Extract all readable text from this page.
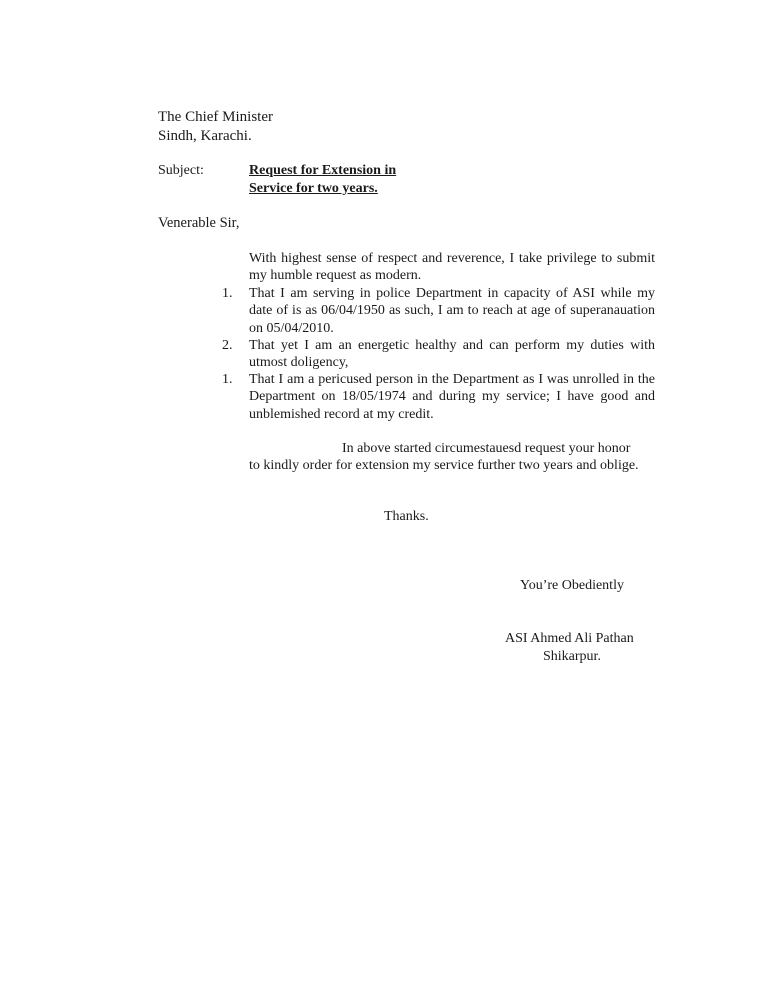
The Chief Minister
Sindh, Karachi.
Subject:	Request for Extension in
Service for two years.
Venerable Sir,
With highest sense of respect and reverence, I take privilege to submit my humble request as modern.
1. That I am serving in police Department in capacity of ASI while my date of is as 06/04/1950 as such, I am to reach at age of superanauation on 05/04/2010.
2. That yet I am an energetic healthy and can perform my duties with utmost doligency,
1. That I am a pericused person in the Department as I was unrolled in the Department on 18/05/1974 and during my service; I have good and unblemished record at my credit.
In above started circumestauesd request your honor
to kindly order for extension my service further two years and oblige.
Thanks.
You’re Obediently
ASI Ahmed Ali Pathan
Shikarpur.
